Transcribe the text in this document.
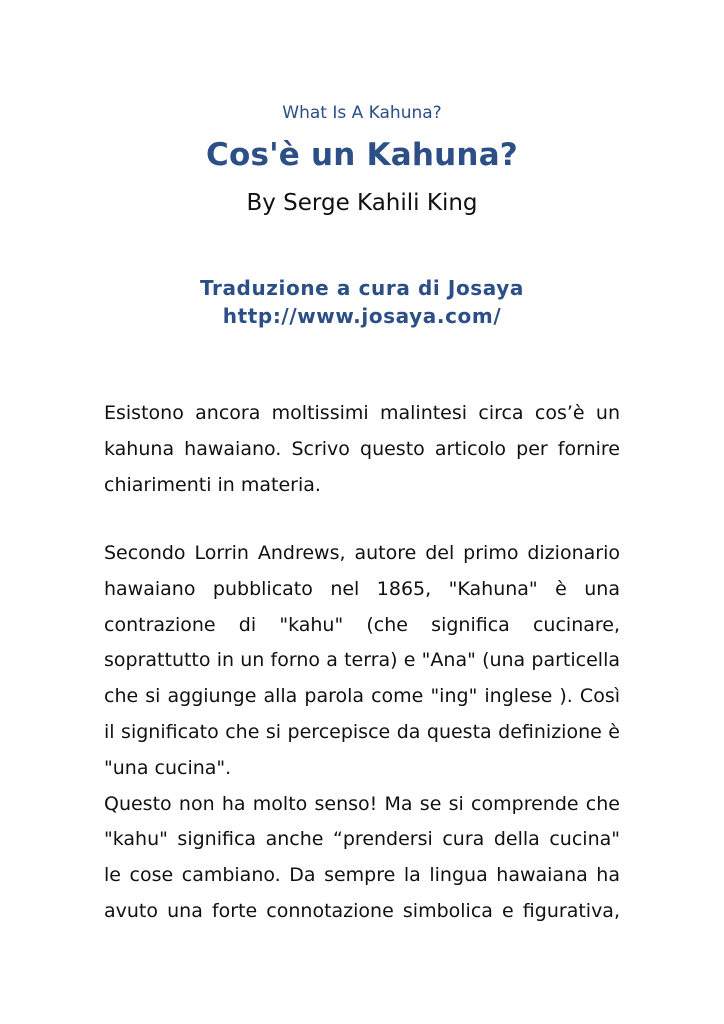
What Is A Kahuna?

Cos'è un Kahuna?

By Serge Kahili King

Traduzione a cura di Josaya

http://www.josaya.com/

Esistono ancora moltissimi malintesi circa cos’è un

kahuna hawaiano. Scrivo questo articolo per fornire

chiarimenti in materia.

Secondo Lorrin Andrews, autore del primo dizionario

hawaiano pubblicato nel 1865, "Kahuna" è una

contrazione di "kahu" (che significa cucinare,

soprattutto in un forno a terra) e "Ana" (una particella

che si aggiunge alla parola come "ing" inglese ). Così

il significato che si percepisce da questa definizione è

"una cucina".

Questo non ha molto senso! Ma se si comprende che

"kahu" significa anche “prendersi cura della cucina"

le cose cambiano. Da sempre la lingua hawaiana ha

avuto una forte connotazione simbolica e figurativa,
